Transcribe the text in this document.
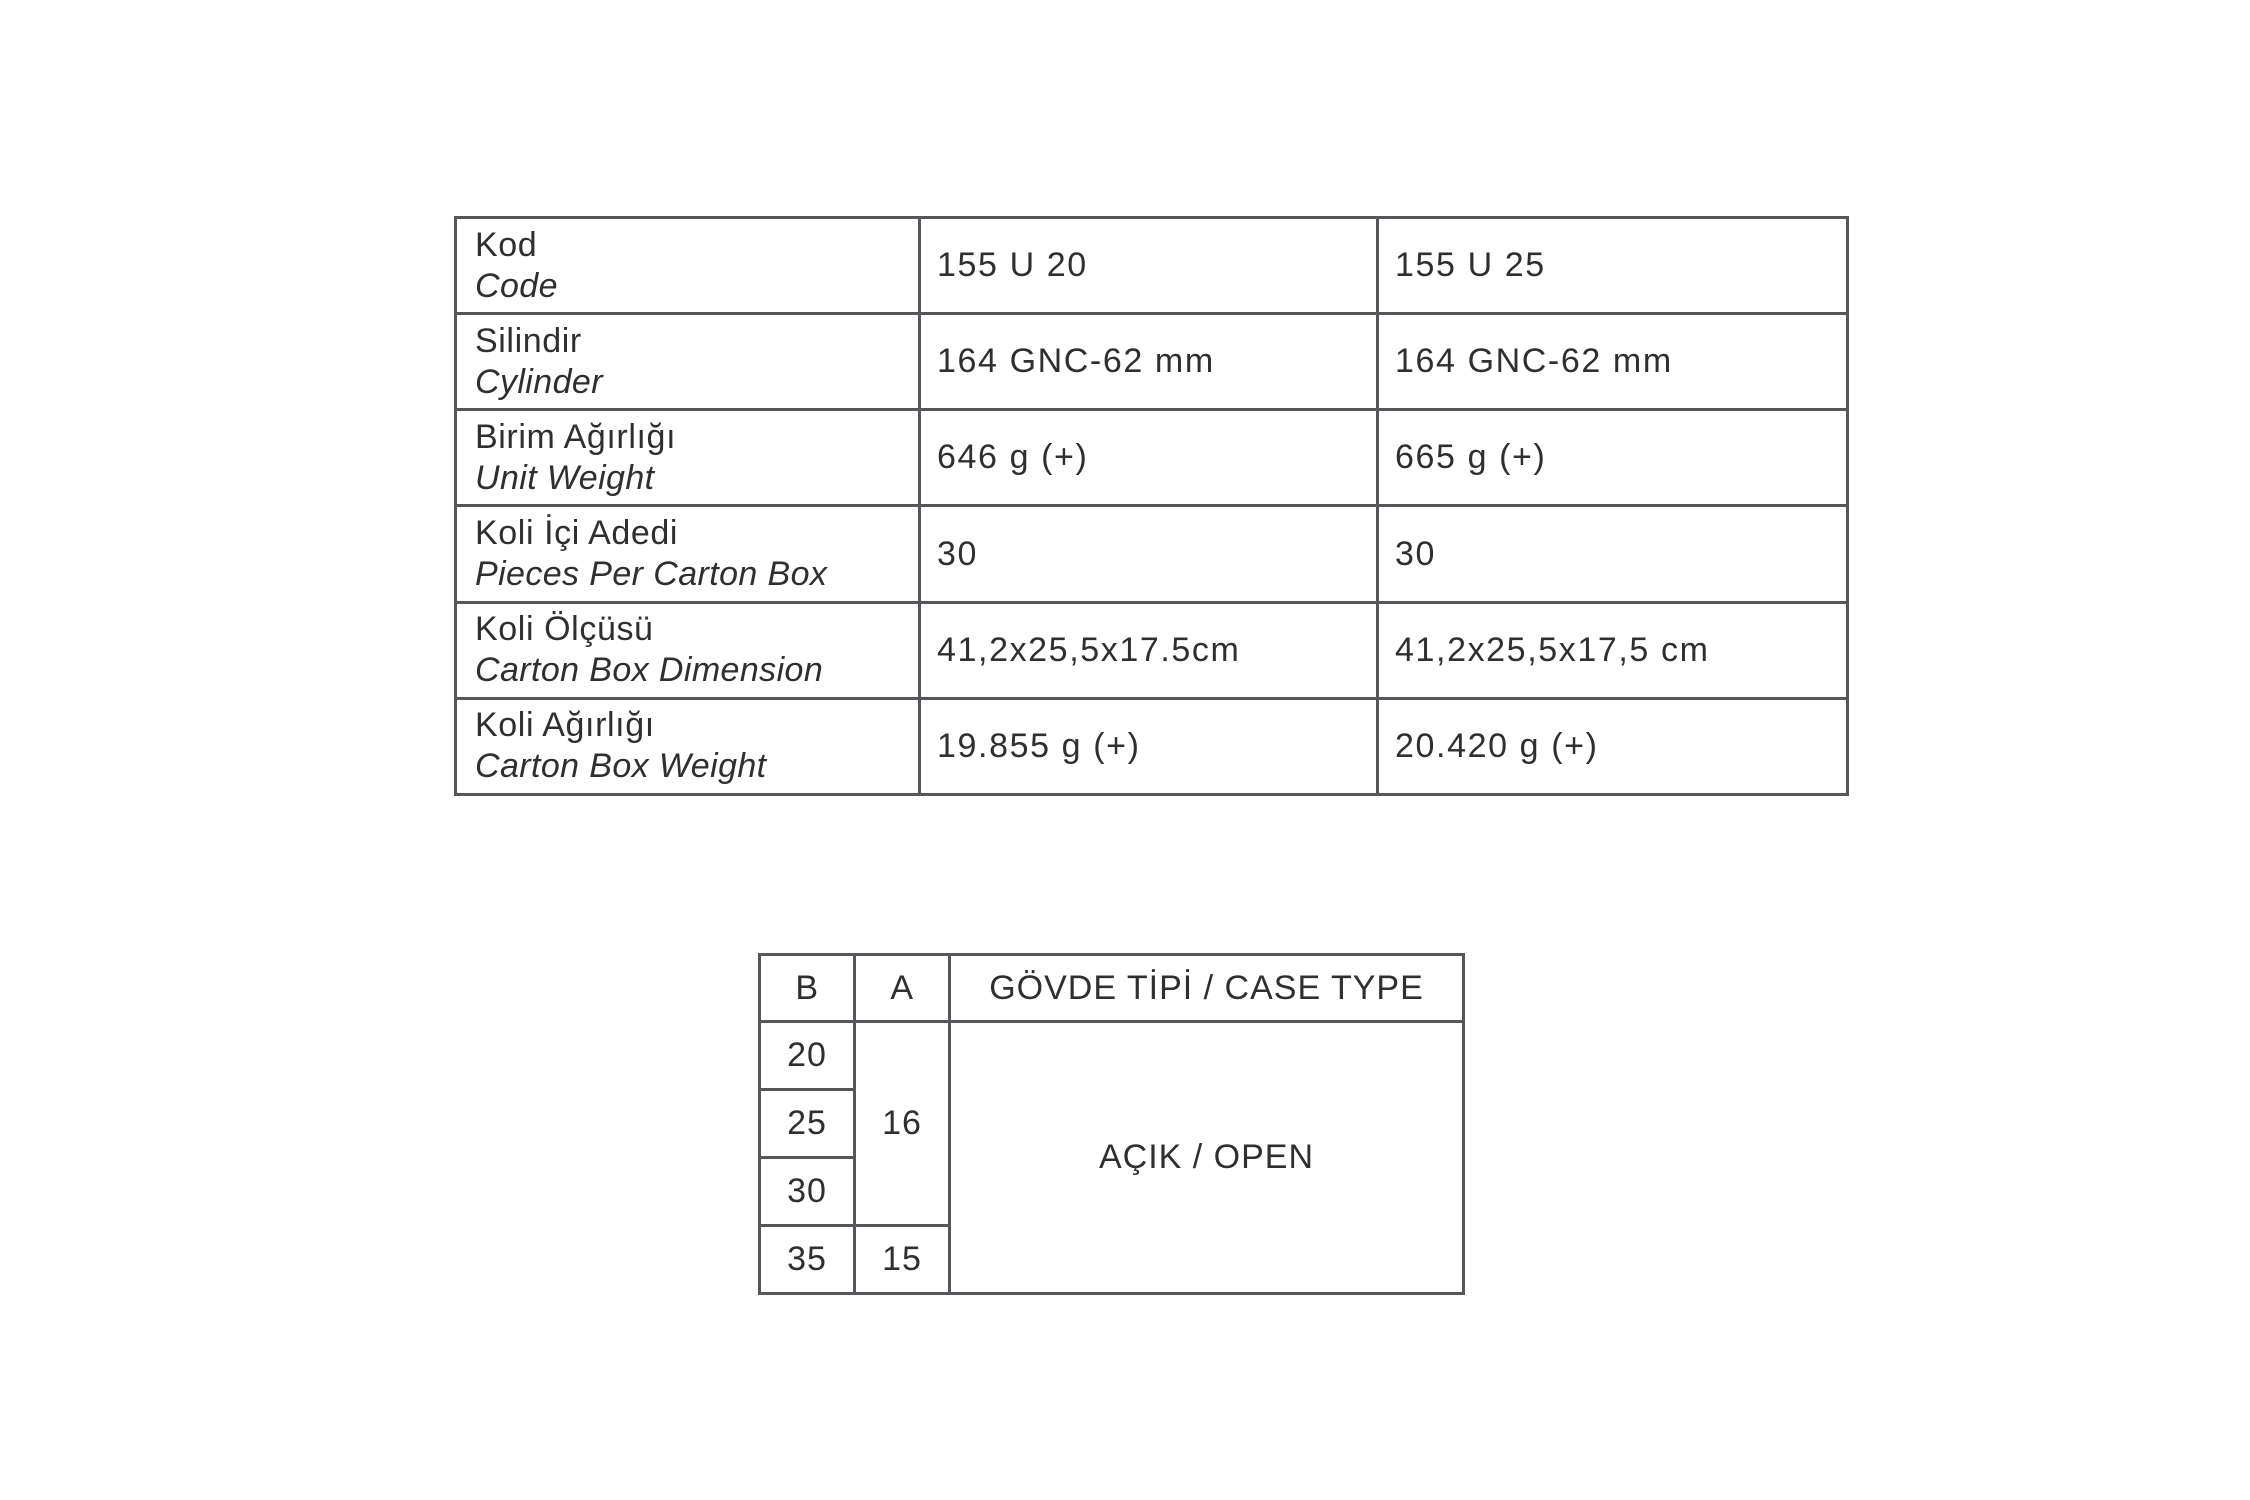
Kod
Code	155 U 20	155 U 25

Silindir
Cylinder	164 GNC-62 mm	164 GNC-62 mm

Birim Ağırlığı
Unit Weight	646 g (+)	665 g (+)

Koli İçi Adedi
Pieces Per Carton Box	30	30

Koli Ölçüsü
Carton Box Dimension	41,2x25,5x17.5cm	41,2x25,5x17,5 cm

Koli Ağırlığı
Carton Box Weight	19.855 g (+)	20.420 g (+)
B	A	GÖVDE TİPİ / CASE TYPE
20	16	AÇIK / OPEN
25		
30		
35	15	
